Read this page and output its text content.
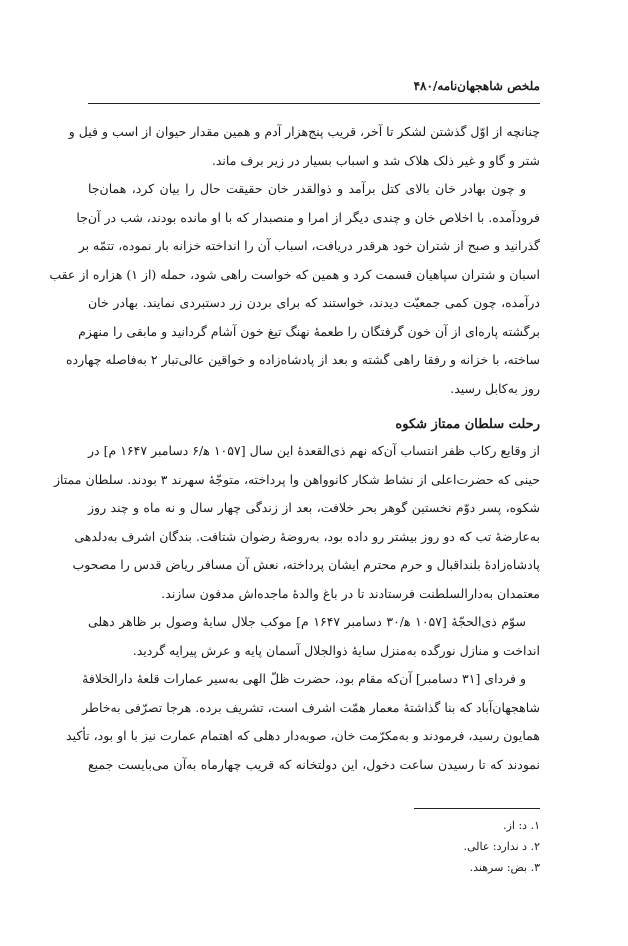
ملخص شاهجهان‌نامه/۴۸۰
چنانچه از اوّل گذشتن لشکر تا آخر، قریب پنج‌هزار آدم و همین مقدار حیوان از اسب و فیل و
شتر و گاو و غیر ذلک هلاک شد و اسباب بسیار در زیر برف ماند.
و چون بهادر خان بالای کتل برآمد و ذوالقدر خان حقیقت حال را بیان کرد، همان‌جا
فرودآمده. با اخلاص خان و چندی دیگر از امرا و منصبدار که با او مانده بودند، شب در آن‌جا
گذرانید و صبح از شتران خود هرقدر دریافت، اسباب آن را انداخته خزانه بار نموده، تتمّه بر
اسبان و شتران سپاهیان قسمت کرد و همین که خواست راهی شود، حمله (از ۱) هزاره از عقب
درآمده، چون کمی جمعیّت دیدند، خواستند که برای بردن زر دستبردی نمایند. بهادر خان
برگشته پاره‌ای از آن خون گرفتگان را طعمهٔ نهنگ تیغ خون آشام گردانید و مابقی را منهزم
ساخته، با خزانه و رفقا راهی گشته و بعد از پادشاه‌زاده و خواقین عالی‌تبار ۲ به‌فاصله چهارده
روز به‌کابل رسید.
رحلت سلطان ممتاز شکوه
از وقایع رکاب ظفر انتساب آن‌که نهم ذی‌القعدهٔ این سال [۱۰۵۷ ه‍/۶ دسامبر ۱۶۴۷ م] در
حینی که حضرت‌اعلی از نشاط شکار کانوواهن وا پرداخته، متوجّهٔ سهرند ۳ بودند. سلطان ممتاز
شکوه، پسر دوّم نخستین گوهر بحر خلافت، بعد از زندگی چهار سال و نه ماه و چند روز
به‌عارضهٔ تب که دو روز بیشتر رو داده بود، به‌روضهٔ رضوان شتافت. بندگان اشرف به‌دلدهی
پادشاه‌زادهٔ بلنداقبال و حرم محترم ایشان پرداخته، نعش آن مسافر ریاض قدس را مصحوب
معتمدان به‌دارالسلطنت فرستادند تا در باغ والدهٔ ماجده‌اش مدفون سازند.
سوّم ذی‌الحجّهٔ [۱۰۵۷ ه‍/۳۰ دسامبر ۱۶۴۷ م] موکب جلال سایهٔ وصول بر ظاهر دهلی
انداخت و منازل نورگده به‌منزل سایهٔ ذوالجلال آسمان پایه و عرش پیرایه گردید.
و فردای [۳۱ دسامبر] آن‌که مقام بود، حضرت ظلّ الهی به‌سیر عمارات قلعهٔ دارالخلافهٔ
شاهجهان‌آباد که بنا گذاشتهٔ معمار همّت اشرف است، تشریف برده. هرجا تصرّفی به‌خاطر
همایون رسید، فرمودند و به‌مکرّمت خان، صوبه‌دار دهلی که اهتمام عمارت نیز با او بود، تأکید
نمودند که تا رسیدن ساعت دخول، این دولتخانه که قریب چهارماه به‌آن می‌بایست جمیع
۱. د: از.
۲. د ندارد: عالی.
۳. بض: سرهند.
